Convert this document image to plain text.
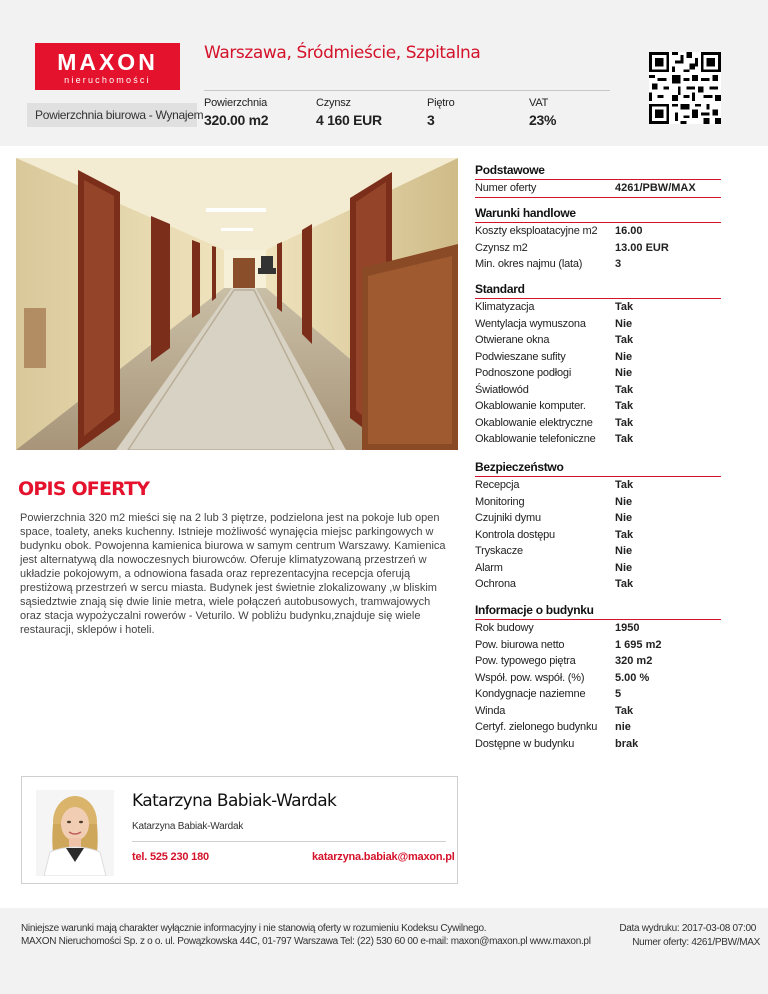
MAXON
nieruchomości
Warszawa, Śródmieście, Szpitalna
Powierzchnia biurowa - Wynajem
Powierzchnia
320.00 m2
Czynsz
4 160 EUR
Piętro
3
VAT
23%
OPIS OFERTY
Powierzchnia 320 m2 mieści się na 2 lub 3 piętrze, podzielona jest na pokoje lub open space, toalety, aneks kuchenny. Istnieje możliwość wynajęcia miejsc parkingowych w budynku obok. Powojenna kamienica biurowa w samym centrum Warszawy. Kamienica jest alternatywą dla nowoczesnych biurowców. Oferuje klimatyzowaną przestrzeń w układzie pokojowym, a odnowiona fasada oraz reprezentacyjna recepcja oferują prestiżową przestrzeń w sercu miasta. Budynek jest świetnie zlokalizowany ,w bliskim sąsiedztwie znają się dwie linie metra, wiele połączeń autobusowych, tramwajowych oraz stacja wypożyczalni rowerów - Veturilo. W pobliżu budynku,znajduje się wiele restauracji, sklepów i hoteli.
Podstawowe
Numer oferty	4261/PBW/MAX
Warunki handlowe
Koszty eksploatacyjne m2	16.00
Czynsz m2	13.00 EUR
Min. okres najmu (lata)	3
Standard
Klimatyzacja	Tak
Wentylacja wymuszona	Nie
Otwierane okna	Tak
Podwieszane sufity	Nie
Podnoszone podłogi	Nie
Światłowód	Tak
Okablowanie komputer.	Tak
Okablowanie elektryczne	Tak
Okablowanie telefoniczne	Tak
Bezpieczeństwo
Recepcja	Tak
Monitoring	Nie
Czujniki dymu	Nie
Kontrola dostępu	Tak
Tryskacze	Nie
Alarm	Nie
Ochrona	Tak
Informacje o budynku
Rok budowy	1950
Pow. biurowa netto	1 695 m2
Pow. typowego piętra	320 m2
Współ. pow. współ. (%)	5.00 %
Kondygnacje naziemne	5
Winda	Tak
Certyf. zielonego budynku	nie
Dostępne w budynku	brak
Katarzyna Babiak-Wardak
Katarzyna Babiak-Wardak
tel. 525 230 180	katarzyna.babiak@maxon.pl
Niniejsze warunki mają charakter wyłącznie informacyjny i nie stanowią oferty w rozumieniu Kodeksu Cywilnego.
MAXON Nieruchomości Sp. z o o. ul. Powązkowska 44C, 01-797 Warszawa Tel: (22) 530 60 00 e-mail: maxon@maxon.pl www.maxon.pl
Data wydruku: 2017-03-08 07:00
Numer oferty: 4261/PBW/MAX
